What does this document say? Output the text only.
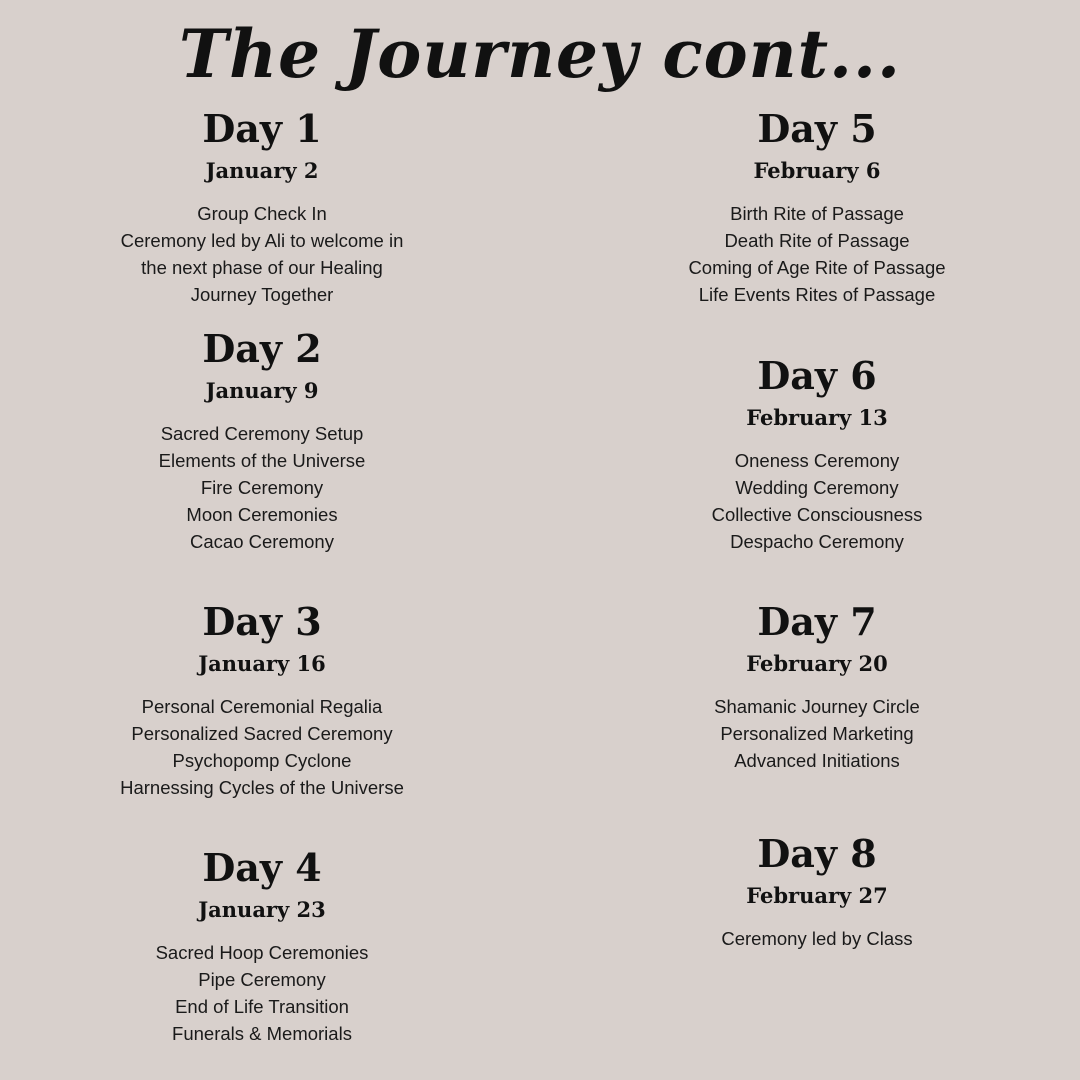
The Journey cont...
Day 1
January 2
Group Check In
Ceremony led by Ali to welcome in
the next phase of our Healing
Journey Together
Day 2
January 9
Sacred Ceremony Setup
Elements of the Universe
Fire Ceremony
Moon Ceremonies
Cacao Ceremony
Day 3
January 16
Personal Ceremonial Regalia
Personalized Sacred Ceremony
Psychopomp Cyclone
Harnessing Cycles of the Universe
Day 4
January 23
Sacred Hoop Ceremonies
Pipe Ceremony
End of Life Transition
Funerals & Memorials
Day 5
February 6
Birth Rite of Passage
Death Rite of Passage
Coming of Age Rite of Passage
Life Events Rites of Passage
Day 6
February 13
Oneness Ceremony
Wedding Ceremony
Collective Consciousness
Despacho Ceremony
Day 7
February 20
Shamanic Journey Circle
Personalized Marketing
Advanced Initiations
Day 8
February 27
Ceremony led by Class
